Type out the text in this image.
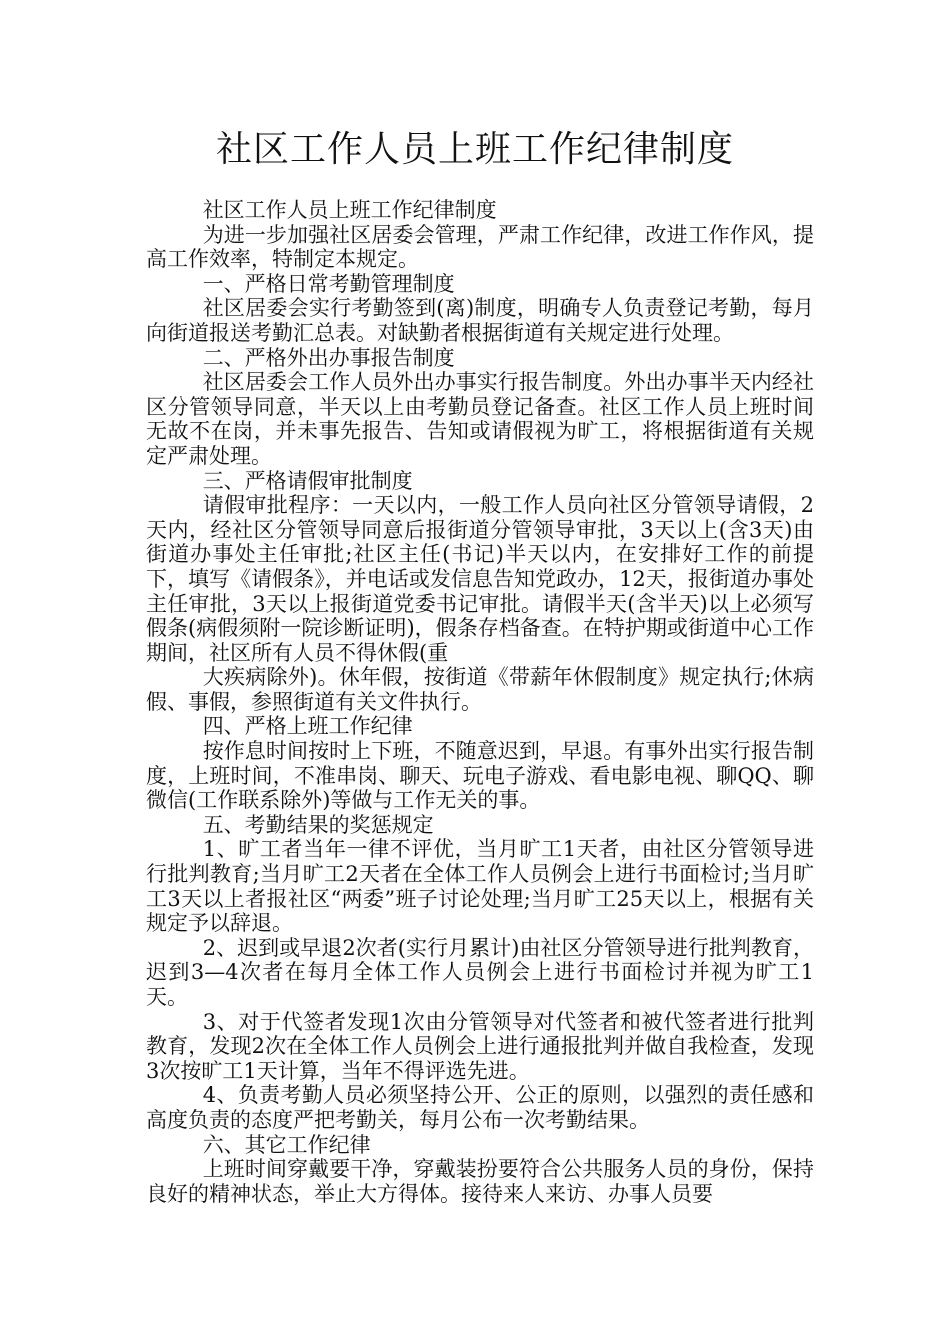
社区工作人员上班工作纪律制度

社区工作人员上班工作纪律制度

为进一步加强社区居委会管理，严肃工作纪律，改进工作作风，提高工作效率，特制定本规定。

一、严格日常考勤管理制度

社区居委会实行考勤签到(离)制度，明确专人负责登记考勤，每月向街道报送考勤汇总表。对缺勤者根据街道有关规定进行处理。

二、严格外出办事报告制度

社区居委会工作人员外出办事实行报告制度。外出办事半天内经社区分管领导同意，半天以上由考勤员登记备查。社区工作人员上班时间无故不在岗，并未事先报告、告知或请假视为旷工，将根据街道有关规定严肃处理。

三、严格请假审批制度

请假审批程序：一天以内，一般工作人员向社区分管领导请假，2天内，经社区分管领导同意后报街道分管领导审批，3天以上(含3天)由街道办事处主任审批;社区主任(书记)半天以内，在安排好工作的前提下，填写《请假条》，并电话或发信息告知党政办，12天，报街道办事处主任审批，3天以上报街道党委书记审批。请假半天(含半天)以上必须写假条(病假须附一院诊断证明)，假条存档备查。在特护期或街道中心工作期间，社区所有人员不得休假(重

大疾病除外)。休年假，按街道《带薪年休假制度》规定执行;休病假、事假，参照街道有关文件执行。

四、严格上班工作纪律

按作息时间按时上下班，不随意迟到，早退。有事外出实行报告制度，上班时间，不准串岗、聊天、玩电子游戏、看电影电视、聊QQ、聊微信(工作联系除外)等做与工作无关的事。

五、考勤结果的奖惩规定

1、旷工者当年一律不评优，当月旷工1天者，由社区分管领导进行批判教育;当月旷工2天者在全体工作人员例会上进行书面检讨;当月旷工3天以上者报社区“两委”班子讨论处理;当月旷工25天以上，根据有关规定予以辞退。

2、迟到或早退2次者(实行月累计)由社区分管领导进行批判教育，迟到3—4次者在每月全体工作人员例会上进行书面检讨并视为旷工1天。

3、对于代签者发现1次由分管领导对代签者和被代签者进行批判教育，发现2次在全体工作人员例会上进行通报批判并做自我检查，发现3次按旷工1天计算，当年不得评选先进。

4、负责考勤人员必须坚持公开、公正的原则，以强烈的责任感和高度负责的态度严把考勤关，每月公布一次考勤结果。

六、其它工作纪律

上班时间穿戴要干净，穿戴装扮要符合公共服务人员的身份，保持良好的精神状态，举止大方得体。接待来人来访、办事人员要
